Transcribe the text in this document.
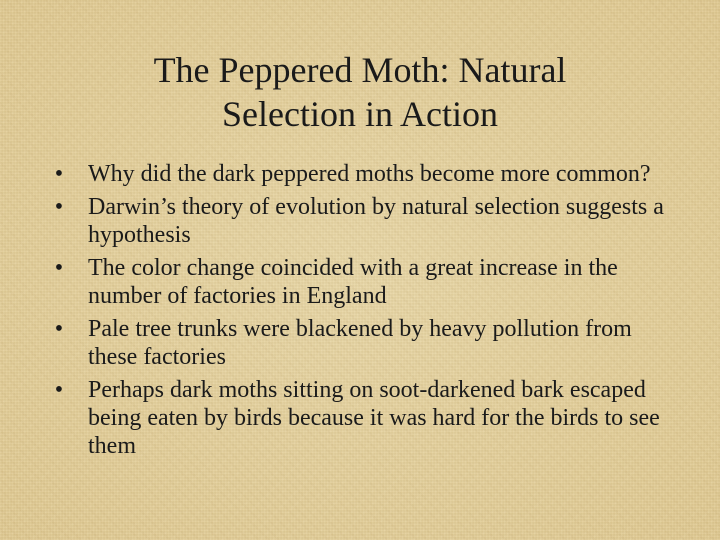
The Peppered Moth: Natural
Selection in Action
•	Why did the dark peppered moths become more common?
•	Darwin’s theory of evolution by natural selection suggests a hypothesis
•	The color change coincided with a great increase in the number of factories in England
•	Pale tree trunks were blackened by heavy pollution from these factories
•	Perhaps dark moths sitting on soot-darkened bark escaped being eaten by birds because it was hard for the birds to see them
